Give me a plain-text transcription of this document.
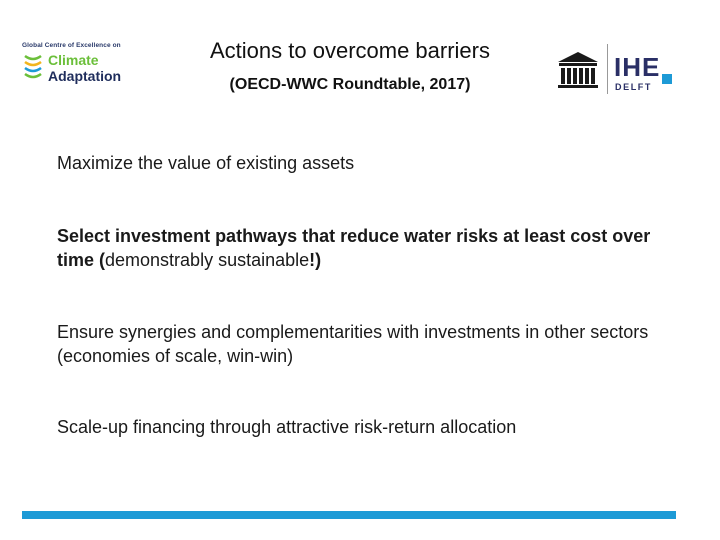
Global Centre of Excellence on
Climate
Adaptation
Actions to overcome barriers
(OECD-WWC Roundtable, 2017)
IHE
DELFT
Maximize the value of existing assets
Select investment pathways that reduce water risks at least cost over time (demonstrably sustainable!)
Ensure synergies and complementarities with investments in other sectors (economies of scale, win-win)
Scale-up financing through attractive risk-return allocation
